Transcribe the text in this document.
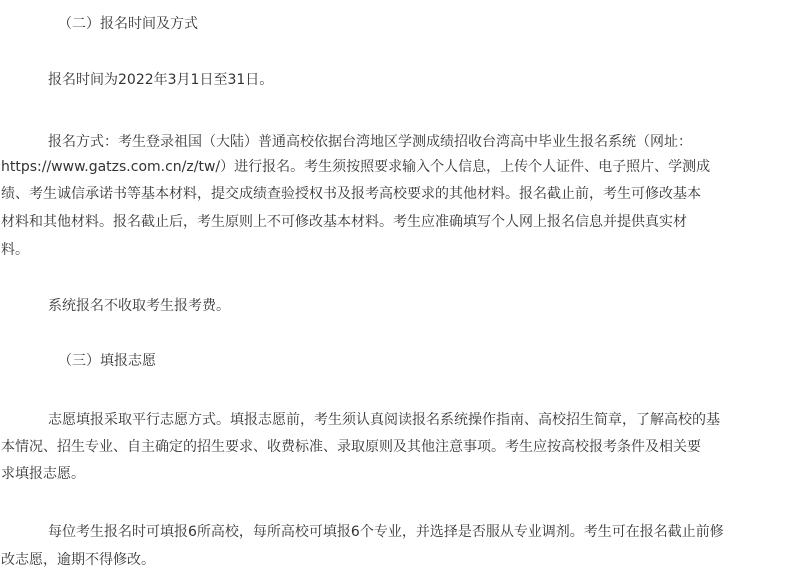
（二）报名时间及方式
报名时间为2022年3月1日至31日。
报名方式：考生登录祖国（大陆）普通高校依据台湾地区学测成绩招收台湾高中毕业生报名系统（网址：
https://www.gatzs.com.cn/z/tw/）进行报名。考生须按照要求输入个人信息，上传个人证件、电子照片、学测成
绩、考生诚信承诺书等基本材料，提交成绩查验授权书及报考高校要求的其他材料。报名截止前，考生可修改基本
材料和其他材料。报名截止后，考生原则上不可修改基本材料。考生应准确填写个人网上报名信息并提供真实材
料。
系统报名不收取考生报考费。
（三）填报志愿
志愿填报采取平行志愿方式。填报志愿前，考生须认真阅读报名系统操作指南、高校招生简章，了解高校的基
本情况、招生专业、自主确定的招生要求、收费标准、录取原则及其他注意事项。考生应按高校报考条件及相关要
求填报志愿。
每位考生报名时可填报6所高校，每所高校可填报6个专业，并选择是否服从专业调剂。考生可在报名截止前修
改志愿，逾期不得修改。
